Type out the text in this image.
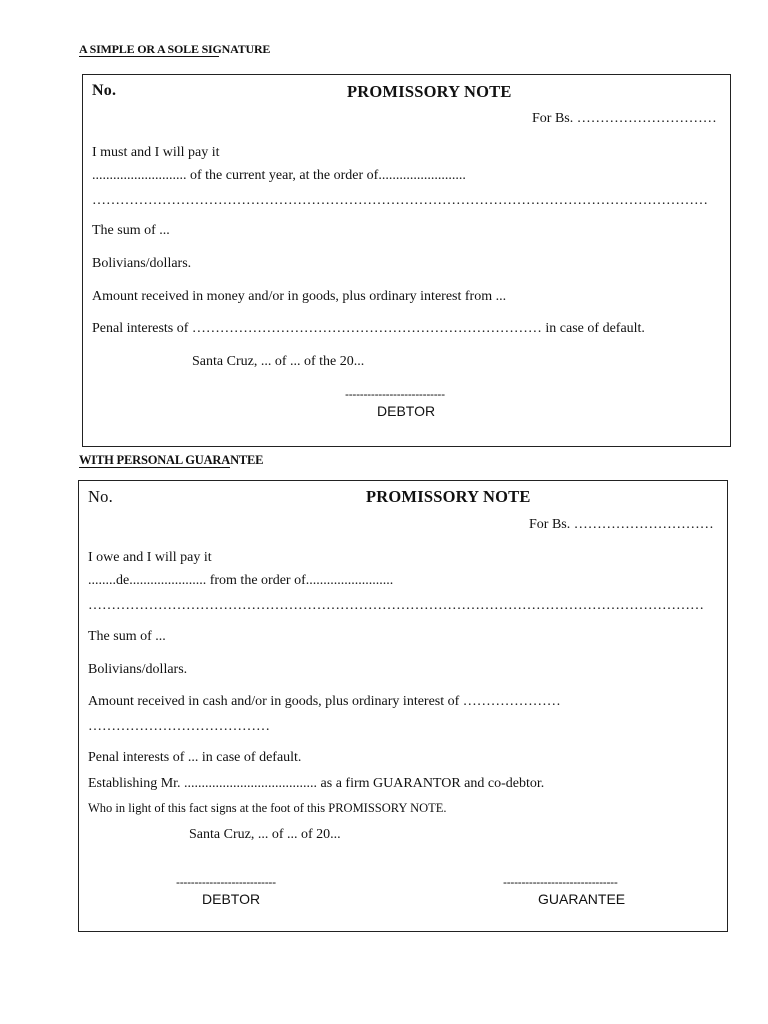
A SIMPLE OR A SOLE SIGNATURE
No.	PROMISSORY NOTE
For Bs. …………………………
I must and I will pay it
........................... of the current year, at the order of.........................
……………………………………………………………………………………………………………………
The sum of ...
Bolivians/dollars.
Amount received in money and/or in goods, plus ordinary interest from ...
Penal interests of ………………………………………………………………… in case of default.
Santa Cruz, ... of ... of the 20...
---------------------------
DEBTOR
WITH PERSONAL GUARANTEE
No.	PROMISSORY NOTE
For Bs. …………………………
I owe and I will pay it
........de...................... from the order of.........................
……………………………………………………………………………………………………………………
The sum of ...
Bolivians/dollars.
Amount received in cash and/or in goods, plus ordinary interest of …………………
…………………………………
Penal interests of ... in case of default.
Establishing Mr. ...................................... as a firm GUARANTOR and co-debtor.
Who in light of this fact signs at the foot of this PROMISSORY NOTE.
Santa Cruz, ... of ... of 20...
---------------------------
DEBTOR
-------------------------------
GUARANTEE
